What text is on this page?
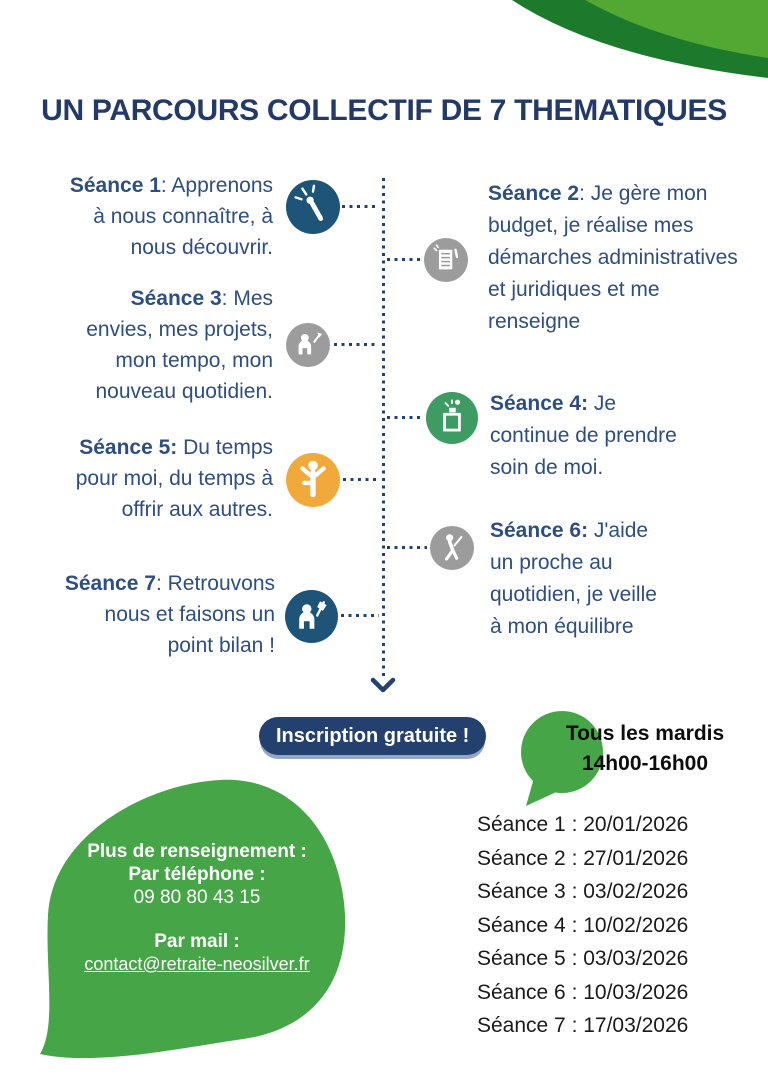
UN PARCOURS COLLECTIF DE 7 THEMATIQUES
Séance 1: Apprenons
à nous connaître, à
nous découvrir.
Séance 2: Je gère mon
budget, je réalise mes
démarches administratives
et juridiques et me
renseigne
Séance 3: Mes
envies, mes projets,
mon tempo, mon
nouveau quotidien.
Séance 4: Je
continue de prendre
soin de moi.
Séance 5: Du temps
pour moi, du temps à
offrir aux autres.
Séance 6: J'aide
un proche au
quotidien, je veille
à mon équilibre
Séance 7: Retrouvons
nous et faisons un
point bilan !
Inscription gratuite !	Tous les mardis
14h00-16h00
Plus de renseignement :
Par téléphone :
09 80 80 43 15
Par mail :
contact@retraite-neosilver.fr
Séance 1 : 20/01/2026
Séance 2 : 27/01/2026
Séance 3 : 03/02/2026
Séance 4 : 10/02/2026
Séance 5 : 03/03/2026
Séance 6 : 10/03/2026
Séance 7 : 17/03/2026
